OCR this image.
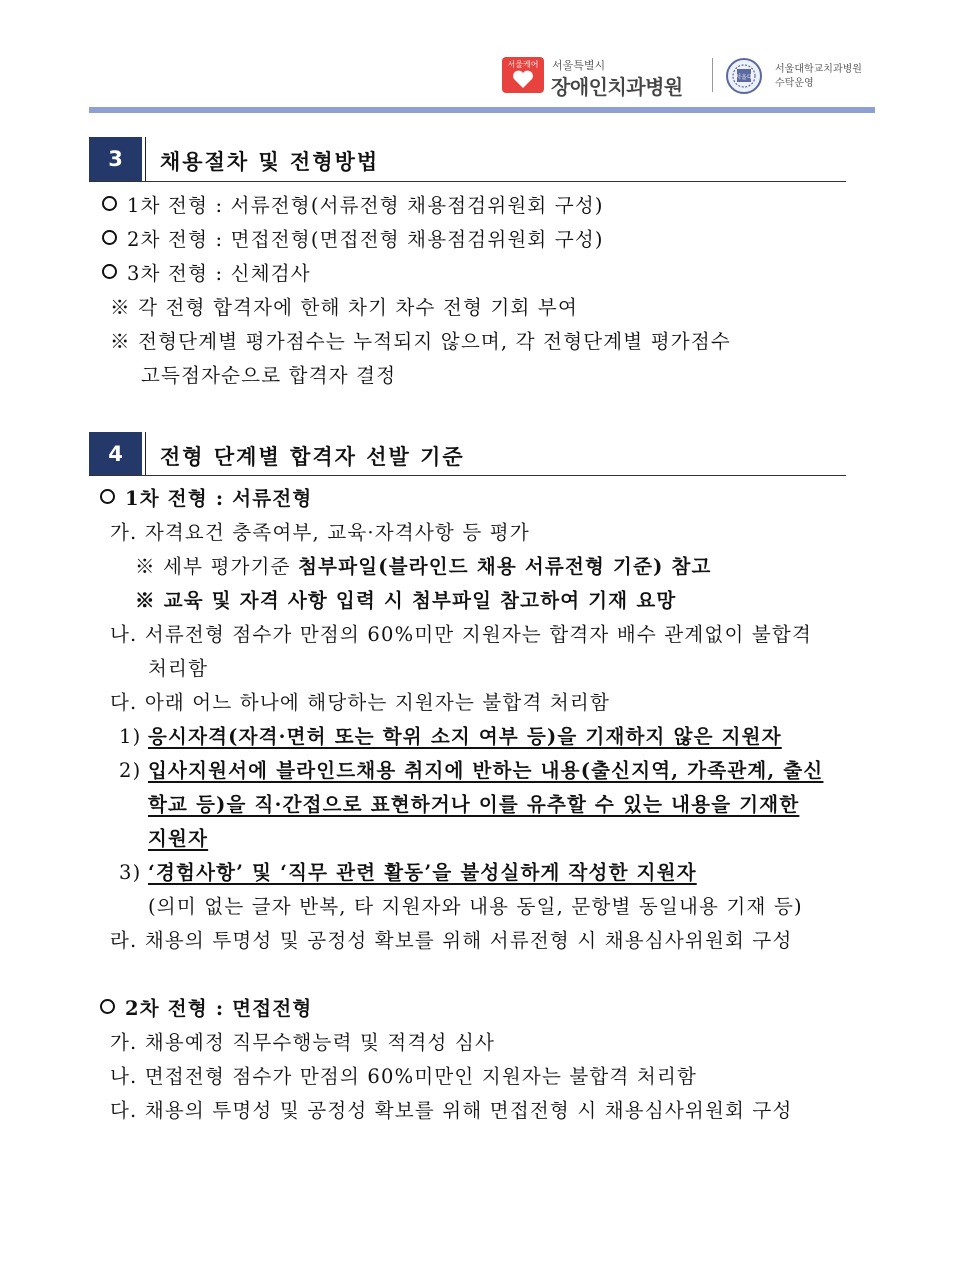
서울케어	서울특별시
장애인치과병원	서울대
서울대학교치과병원
수탁운영
3	채용절차 및 전형방법
1차 전형 : 서류전형(서류전형 채용점검위원회 구성)
2차 전형 : 면접전형(면접전형 채용점검위원회 구성)
3차 전형 : 신체검사
※ 각 전형 합격자에 한해 차기 차수 전형 기회 부여
※ 전형단계별 평가점수는 누적되지 않으며, 각 전형단계별 평가점수
고득점자순으로 합격자 결정
4	전형 단계별 합격자 선발 기준
1차 전형 : 서류전형
가. 자격요건 충족여부, 교육·자격사항 등 평가
※ 세부 평가기준 첨부파일(블라인드 채용 서류전형 기준) 참고
※ 교육 및 자격 사항 입력 시 첨부파일 참고하여 기재 요망
나. 서류전형 점수가 만점의 60%미만 지원자는 합격자 배수 관계없이 불합격
처리함
다. 아래 어느 하나에 해당하는 지원자는 불합격 처리함
1) 응시자격(자격·면허 또는 학위 소지 여부 등)을 기재하지 않은 지원자
2) 입사지원서에 블라인드채용 취지에 반하는 내용(출신지역, 가족관계, 출신
학교 등)을 직·간접으로 표현하거나 이를 유추할 수 있는 내용을 기재한
지원자
3) ‘경험사항’ 및 ‘직무 관련 활동’을 불성실하게 작성한 지원자
(의미 없는 글자 반복, 타 지원자와 내용 동일, 문항별 동일내용 기재 등)
라. 채용의 투명성 및 공정성 확보를 위해 서류전형 시 채용심사위원회 구성
2차 전형 : 면접전형
가. 채용예정 직무수행능력 및 적격성 심사
나. 면접전형 점수가 만점의 60%미만인 지원자는 불합격 처리함
다. 채용의 투명성 및 공정성 확보를 위해 면접전형 시 채용심사위원회 구성
